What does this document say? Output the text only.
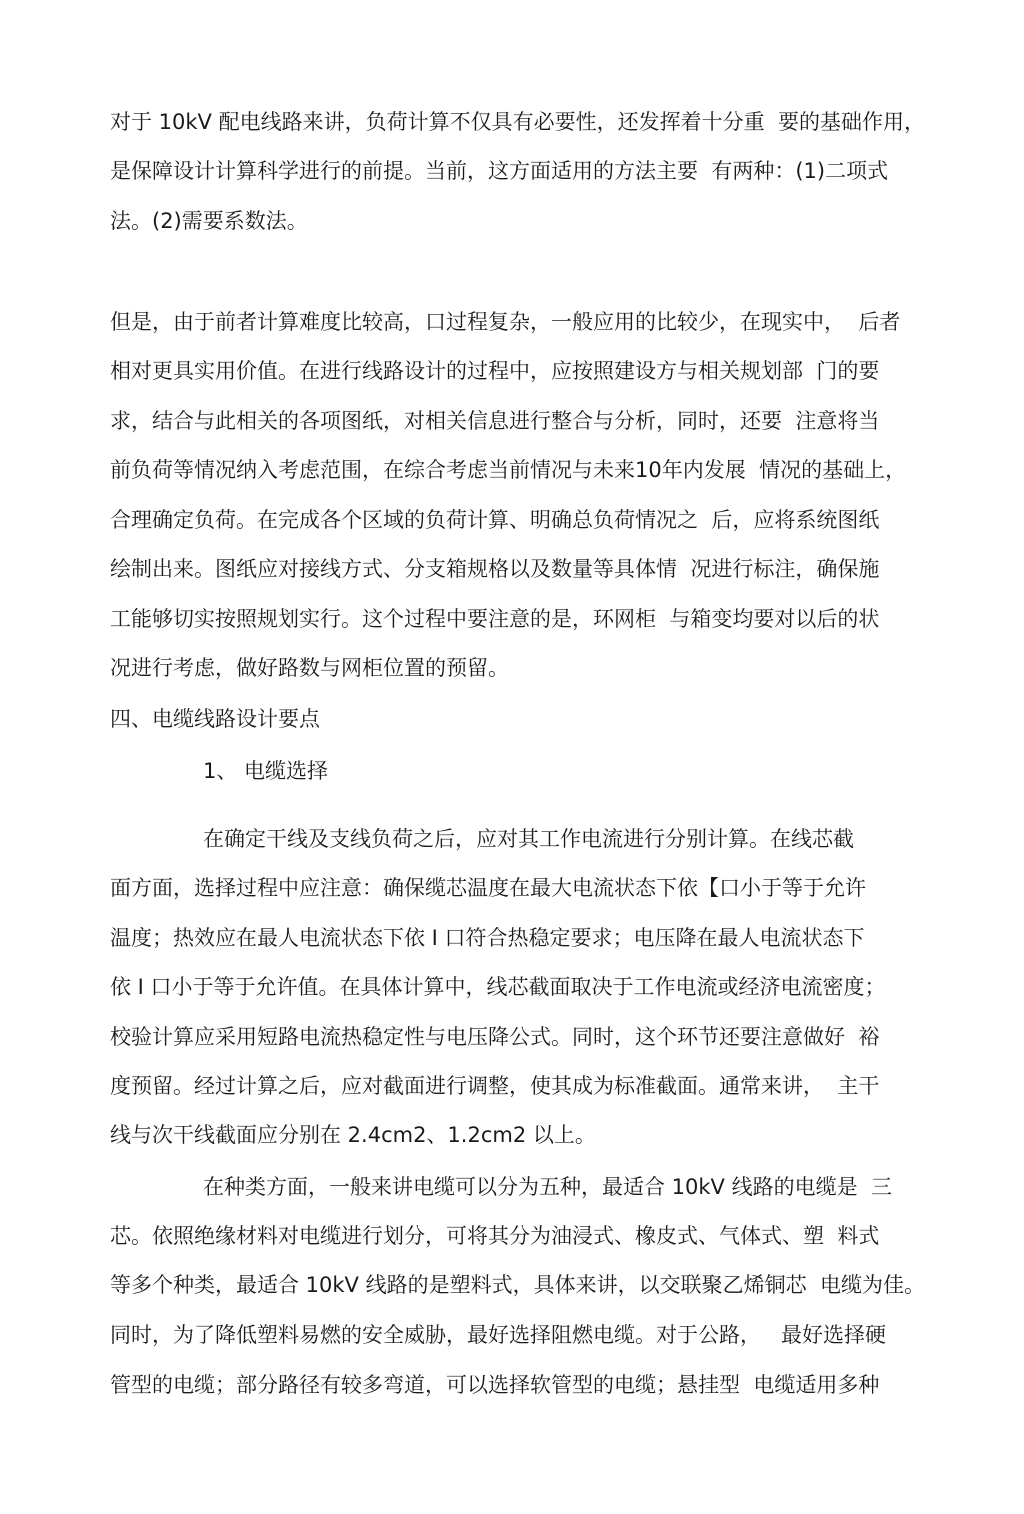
对于 10kV 配电线路来讲，负荷计算不仅具有必要性，还发挥着十分重  要的基础作用，
是保障设计计算科学进行的前提。当前，这方面适用的方法主要  有两种：(1)二项式
法。(2)需要系数法。
但是，由于前者计算难度比较高，口过程复杂，一般应用的比较少，在现实中，  后者
相对更具实用价值。在进行线路设计的过程中，应按照建设方与相关规划部  门的要
求，结合与此相关的各项图纸，对相关信息进行整合与分析，同时，还要  注意将当
前负荷等情况纳入考虑范围，在综合考虑当前情况与未来10年内发展  情况的基础上，
合理确定负荷。在完成各个区域的负荷计算、明确总负荷情况之  后，应将系统图纸
绘制出来。图纸应对接线方式、分支箱规格以及数量等具体情  况进行标注，确保施
工能够切实按照规划实行。这个过程中要注意的是，环网柜  与箱变均要对以后的状
况进行考虑，做好路数与网柜位置的预留。
四、电缆线路设计要点
1、 电缆选择
在确定干线及支线负荷之后，应对其工作电流进行分别计算。在线芯截
面方面，选择过程中应注意：确保缆芯温度在最大电流状态下依【口小于等于允许
温度；热效应在最人电流状态下依 I 口符合热稳定要求；电压降在最人电流状态下
依 I 口小于等于允许值。在具体计算中，线芯截面取决于工作电流或经济电流密度；
校验计算应采用短路电流热稳定性与电压降公式。同时，这个环节还要注意做好  裕
度预留。经过计算之后，应对截面进行调整，使其成为标准截面。通常来讲，  主干
线与次干线截面应分别在 2.4cm2、1.2cm2 以上。
在种类方面，一般来讲电缆可以分为五种，最适合 10kV 线路的电缆是  三
芯。依照绝缘材料对电缆进行划分，可将其分为油浸式、橡皮式、气体式、塑  料式
等多个种类，最适合 10kV 线路的是塑料式，具体来讲，以交联聚乙烯铜芯  电缆为佳。
同时，为了降低塑料易燃的安全威胁，最好选择阻燃电缆。对于公路，   最好选择硬
管型的电缆；部分路径有较多弯道，可以选择软管型的电缆；悬挂型  电缆适用多种
